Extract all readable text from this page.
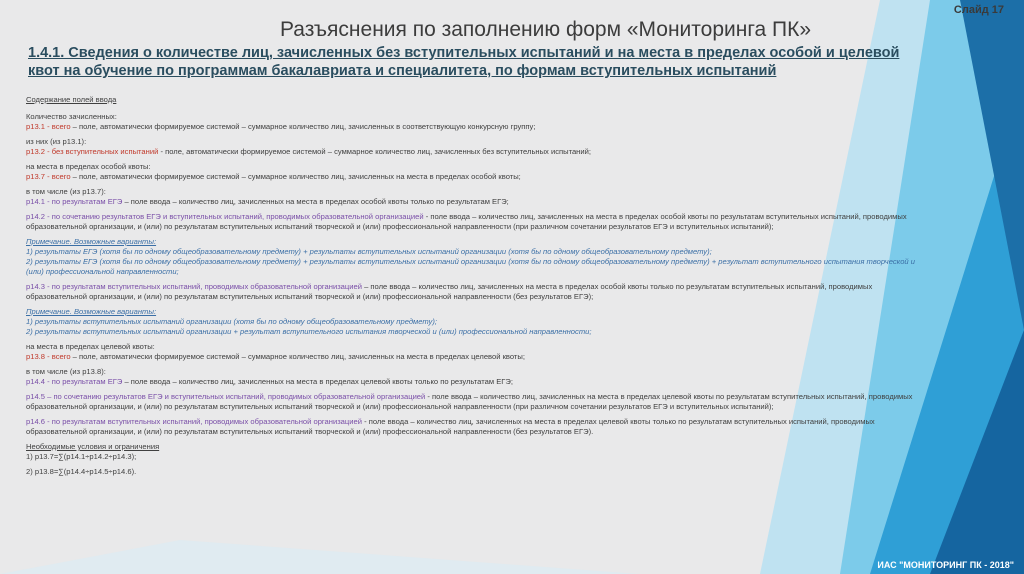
Слайд 17
Разъяснения по заполнению форм «Мониторинга ПК»
1.4.1. Сведения о количестве лиц, зачисленных без вступительных испытаний и на места в пределах особой и целевой квот на обучение по программам бакалавриата и специалитета, по формам вступительных испытаний

Содержание полей ввода

Количество зачисленных:

р13.1 - всего – поле, автоматически формируемое системой – суммарное количество лиц, зачисленных в соответствующую конкурсную группу;

из них (из р13.1):

р13.2 - без вступительных испытаний - поле, автоматически формируемое системой – суммарное количество лиц, зачисленных без вступительных испытаний;

на места в пределах особой квоты:

р13.7 - всего – поле, автоматически формируемое системой – суммарное количество лиц, зачисленных на места в пределах особой квоты;

в том числе (из р13.7):

р14.1 - по результатам ЕГЭ – поле ввода – количество лиц, зачисленных на места в пределах особой квоты только по результатам ЕГЭ;

р14.2 - по сочетанию результатов ЕГЭ и вступительных испытаний, проводимых образовательной организацией - поле ввода – количество лиц, зачисленных на места в пределах особой квоты по результатам вступительных испытаний, проводимых образовательной организации, и (или) по результатам вступительных испытаний творческой и (или) профессиональной направленности (при различном сочетании результатов ЕГЭ и вступительных испытаний);

Примечание. Возможные варианты:

1) результаты ЕГЭ (хотя бы по одному общеобразовательному предмету) + результаты вступительных испытаний организации (хотя бы по одному общеобразовательному предмету);

2) результаты ЕГЭ (хотя бы по одному общеобразовательному предмету) + результаты вступительных испытаний организации (хотя бы по одному общеобразовательному предмету) + результат вступительного испытания творческой и (или) профессиональной направленности;

р14.3 - по результатам вступительных испытаний, проводимых образовательной организацией – поле ввода – количество лиц, зачисленных на места в пределах особой квоты только по результатам вступительных испытаний, проводимых образовательной организации, и (или) по результатам вступительных испытаний творческой и (или) профессиональной направленности (без результатов ЕГЭ);

Примечание. Возможные варианты:

1) результаты вступительных испытаний организации (хотя бы по одному общеобразовательному предмету);

2) результаты вступительных испытаний организации + результат вступительного испытания творческой и (или) профессиональной направленности;

на места в пределах целевой квоты:

р13.8 - всего – поле, автоматически формируемое системой – суммарное количество лиц, зачисленных на места в пределах целевой квоты;

в том числе (из р13.8):

р14.4 - по результатам ЕГЭ – поле ввода – количество лиц, зачисленных на места в пределах целевой квоты только по результатам ЕГЭ;

р14.5 – по сочетанию результатов ЕГЭ и вступительных испытаний, проводимых образовательной организацией - поле ввода – количество лиц, зачисленных на места в пределах целевой квоты по результатам вступительных испытаний, проводимых образовательной организации, и (или) по результатам вступительных испытаний творческой и (или) профессиональной направленности (при различном сочетании результатов ЕГЭ и вступительных испытаний);

р14.6 - по результатам вступительных испытаний, проводимых образовательной организацией - поле ввода – количество лиц, зачисленных на места в пределах целевой квоты только по результатам вступительных испытаний, проводимых образовательной организации, и (или) по результатам вступительных испытаний творческой и (или) профессиональной направленности (без результатов ЕГЭ).

Необходимые условия и ограничения

1) р13.7=∑(р14.1÷р14.2÷р14.3);

2) р13.8=∑(р14.4÷р14.5÷р14.6).

ИАС "МОНИТОРИНГ ПК - 2018"
